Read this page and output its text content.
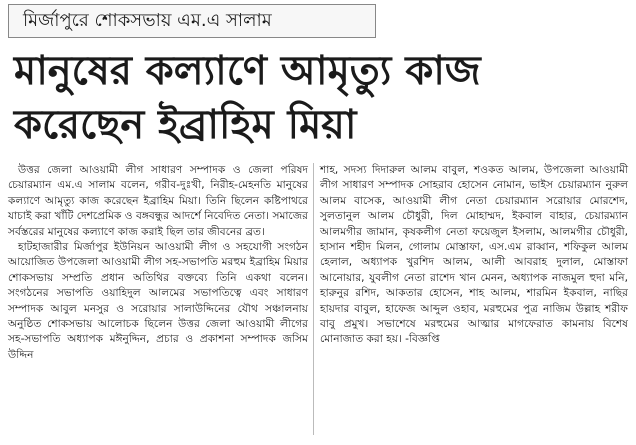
মির্জাপুরে শোকসভায় এম.এ সালাম
মানুষের কল্যাণে আমৃত্যু কাজ
করেছেন ইব্রাহিম মিয়া

উত্তর জেলা আওয়ামী লীগ সাধারণ সম্পাদক ও জেলা পরিষদ চেয়ারম্যান এম.এ সালাম বলেন, গরীব-দুঃখী, নিরীহ-মেহনতি মানুষের কল্যাণে আমৃত্যু কাজ করেছেন ইব্রাহিম মিয়া। তিনি ছিলেন কষ্টিপাথরে যাচাই করা খাঁটি দেশপ্রেমিক ও বঙ্গবন্ধুর আদর্শে নিবেদিত নেতা। সমাজের সর্বস্তরের মানুষের কল্যাণে কাজ করাই ছিল তার জীবনের ব্রত।

হাটহাজারীর মির্জাপুর ইউনিয়ন আওয়ামী লীগ ও সহযোগী সংগঠন আয়োজিত উপজেলা আওয়ামী লীগ সহ-সভাপতি মরহুম ইব্রাহিম মিয়ার শোকসভায় সম্প্রতি প্রধান অতিথির বক্তব্যে তিনি একথা বলেন। সংগঠনের সভাপতি ওয়াহিদুল আলমের সভাপতিত্বে এবং সাধারণ সম্পাদক আবুল মনসুর ও সরোয়ার সালাউদ্দিনের যৌথ সঞ্চালনায় অনুষ্ঠিত শোকসভায় আলোচক ছিলেন উত্তর জেলা আওয়ামী লীগের সহ-সভাপতি অধ্যাপক মঈনুদ্দিন, প্রচার ও প্রকাশনা সম্পাদক জসিম উদ্দিন

শাহ, সদস্য দিদারুল আলম বাবুল, শওকত আলম, উপজেলা আওয়ামী লীগ সাধারণ সম্পাদক সোহরাব হোসেন নোমান, ভাইস চেয়ারম্যান নুরুল আলম বাসেক, আওয়ামী লীগ নেতা চেয়ারম্যান সরোয়ার মোরশেদ, সুলতানুল আলম চৌধুরী, দিল মোহাম্মদ, ইকবাল বাহার, চেয়ারম্যান আলমগীর জামান, কৃষকলীগ নেতা ফয়েজুল ইসলাম, আলমগীর চৌধুরী, হাসান শহীদ মিলন, গোলাম মোস্তাফা, এস.এম রাব্বান, শফিকুল আলম হেলাল, অধ্যাপক খুরশিদ আলম, আলী আবরাহ দুলাল, মোস্তাফা আনোয়ার, যুবলীগ নেতা রাশেদ খান মেনন, অধ্যাপক নাজমুল হুদা মনি, হারুনুর রশিদ, আকতার হোসেন, শাহ আলম, শারমিন ইকবাল, নাছির হায়দার বাবুল, হাফেজ আব্দুল ওহাব, মরহুমের পুত্র নাজিম উল্লাহ শরীফ বাবু প্রমুখ। সভাশেষে মরহুমের আত্মার মাগফেরাত কামনায় বিশেষ মোনাজাত করা হয়। -বিজ্ঞপ্তি
